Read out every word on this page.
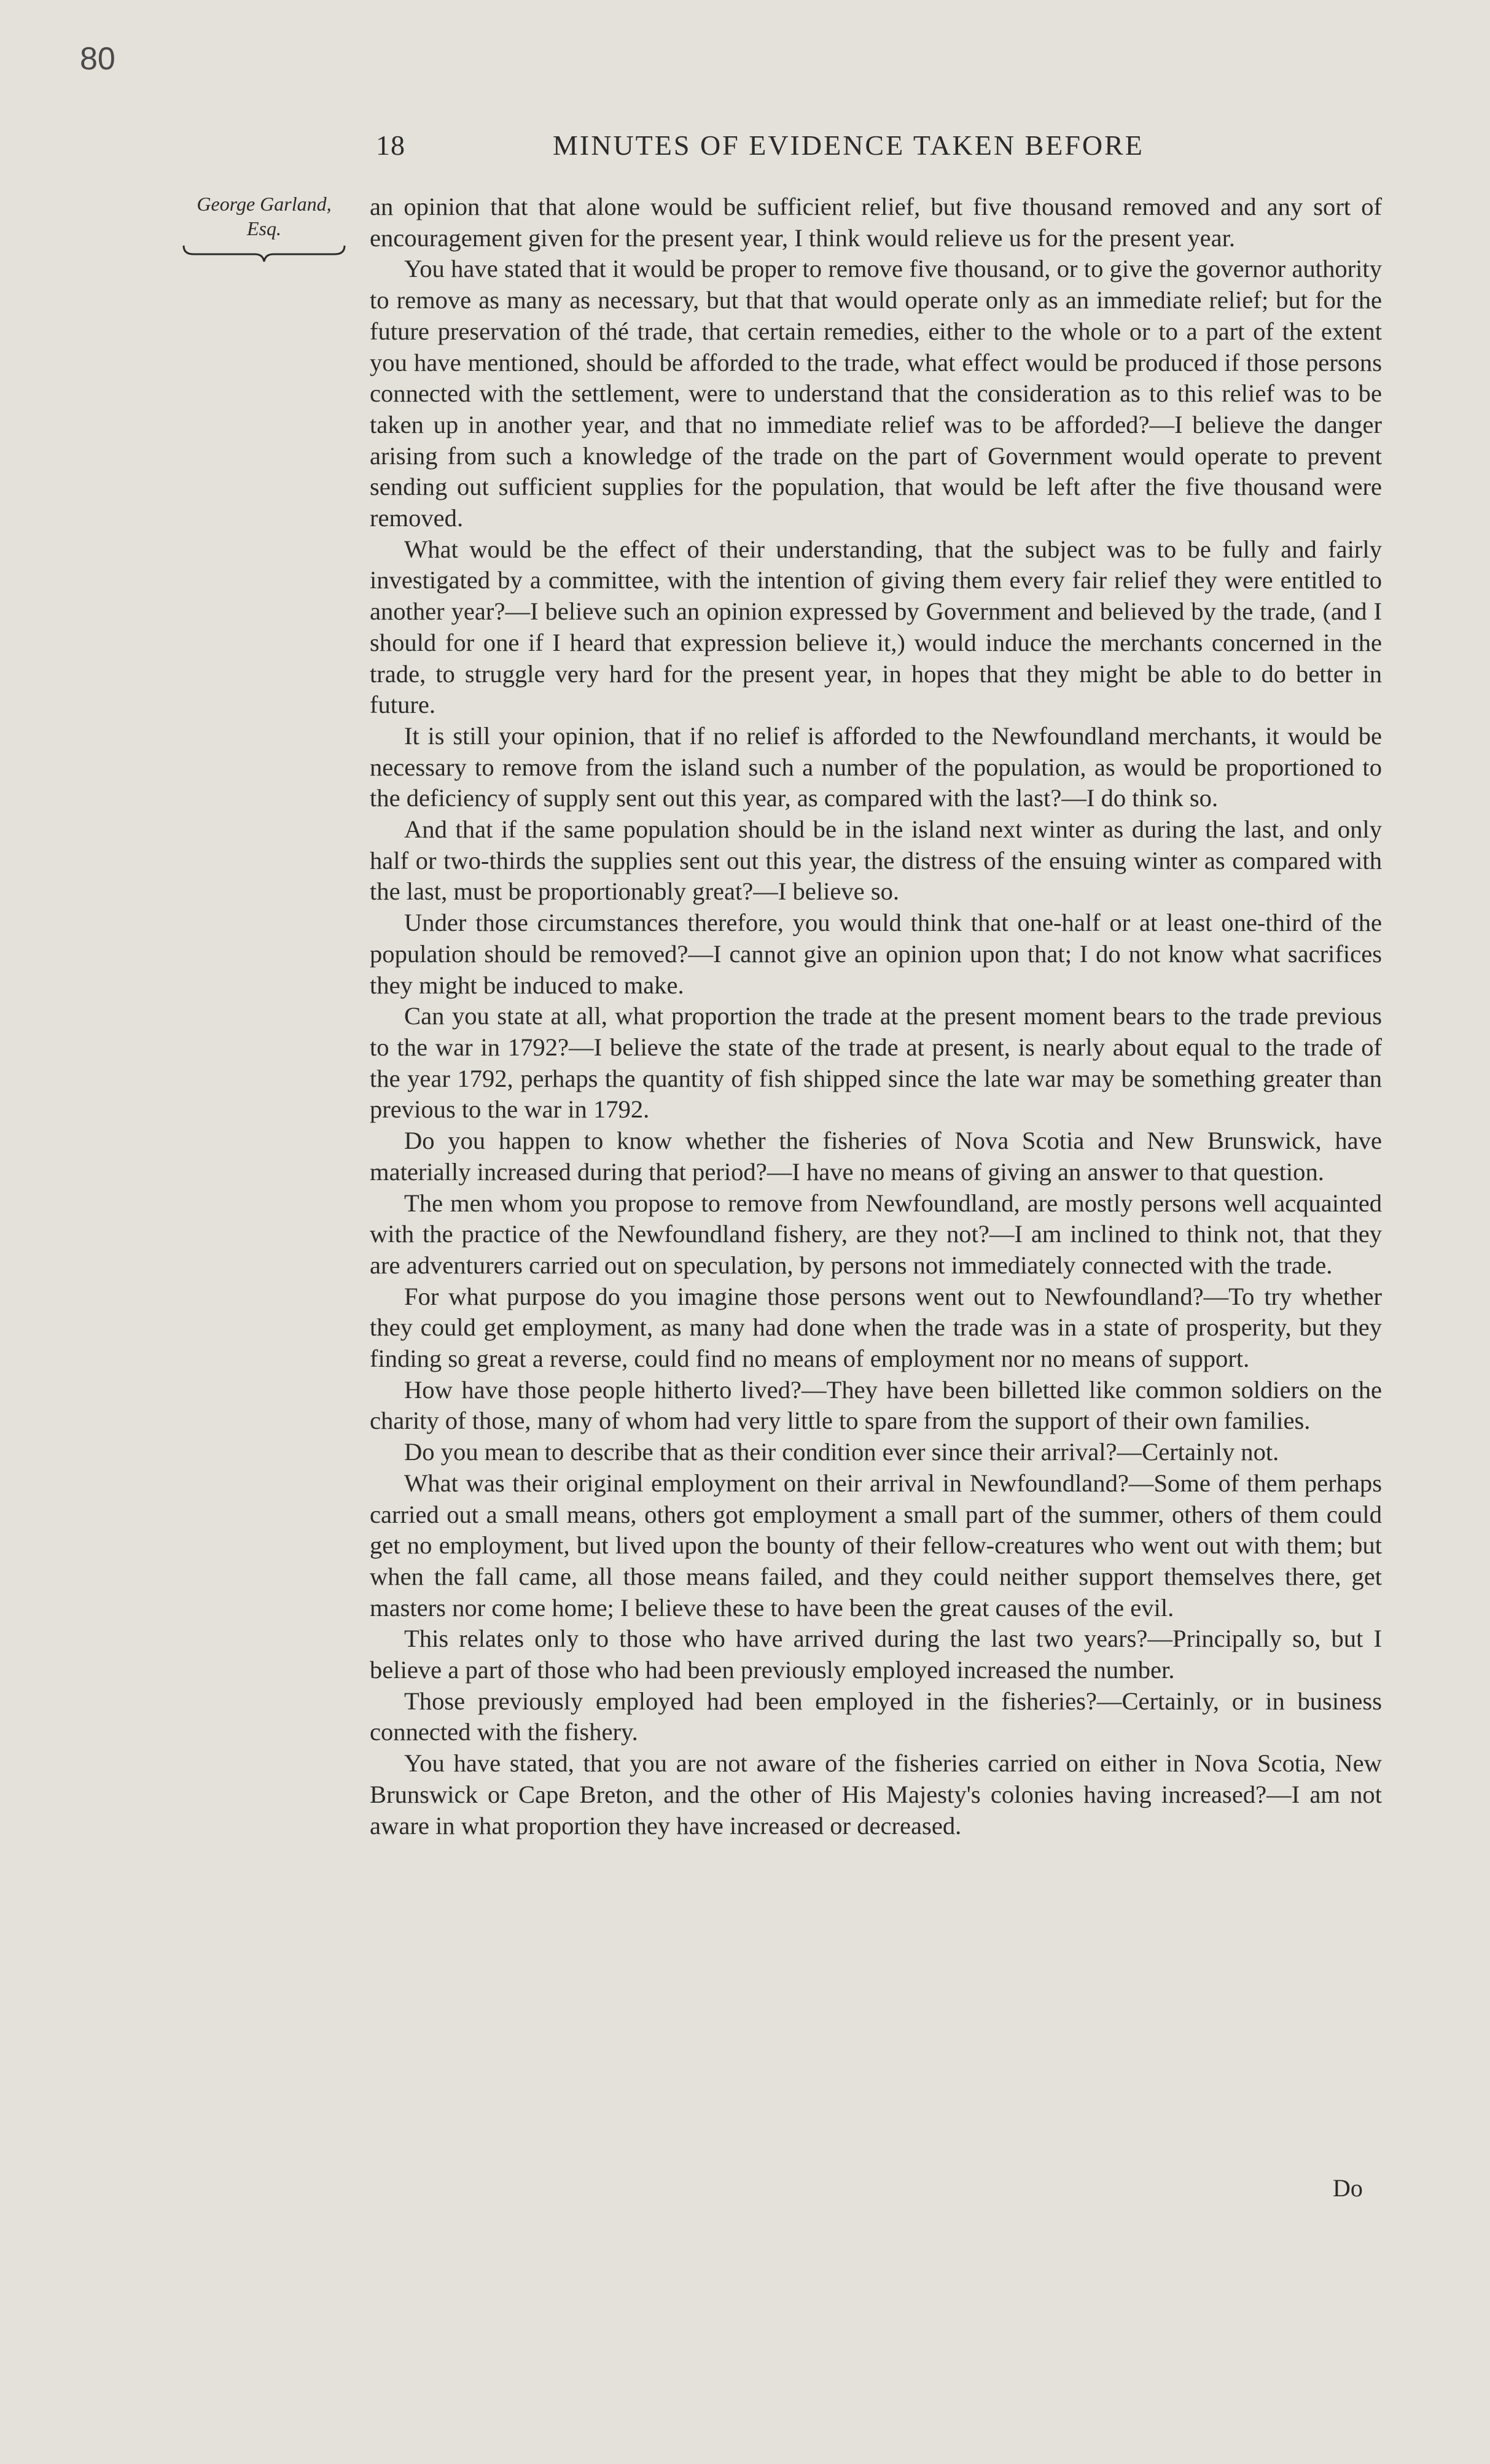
80
18	MINUTES OF EVIDENCE TAKEN BEFORE
George Garland,
Esq.

an opinion that that alone would be sufficient relief, but five thousand removed and any sort of encouragement given for the present year, I think would relieve us for the present year.

You have stated that it would be proper to remove five thousand, or to give the governor authority to remove as many as necessary, but that that would operate only as an immediate relief; but for the future preservation of thé trade, that certain remedies, either to the whole or to a part of the extent you have mentioned, should be afforded to the trade, what effect would be produced if those persons connected with the settlement, were to understand that the consideration as to this relief was to be taken up in another year, and that no immediate relief was to be afforded?—I believe the danger arising from such a knowledge of the trade on the part of Government would operate to prevent sending out sufficient supplies for the population, that would be left after the five thousand were removed.

What would be the effect of their understanding, that the subject was to be fully and fairly investigated by a committee, with the intention of giving them every fair relief they were entitled to another year?—I believe such an opinion expressed by Government and believed by the trade, (and I should for one if I heard that expression believe it,) would induce the merchants concerned in the trade, to struggle very hard for the present year, in hopes that they might be able to do better in future.

It is still your opinion, that if no relief is afforded to the Newfoundland merchants, it would be necessary to remove from the island such a number of the population, as would be proportioned to the deficiency of supply sent out this year, as compared with the last?—I do think so.

And that if the same population should be in the island next winter as during the last, and only half or two-thirds the supplies sent out this year, the distress of the ensuing winter as compared with the last, must be proportionably great?—I believe so.

Under those circumstances therefore, you would think that one-half or at least one-third of the population should be removed?—I cannot give an opinion upon that; I do not know what sacrifices they might be induced to make.

Can you state at all, what proportion the trade at the present moment bears to the trade previous to the war in 1792?—I believe the state of the trade at present, is nearly about equal to the trade of the year 1792, perhaps the quantity of fish shipped since the late war may be something greater than previous to the war in 1792.

Do you happen to know whether the fisheries of Nova Scotia and New Brunswick, have materially increased during that period?—I have no means of giving an answer to that question.

The men whom you propose to remove from Newfoundland, are mostly persons well acquainted with the practice of the Newfoundland fishery, are they not?—I am inclined to think not, that they are adventurers carried out on speculation, by persons not immediately connected with the trade.

For what purpose do you imagine those persons went out to Newfoundland?—To try whether they could get employment, as many had done when the trade was in a state of prosperity, but they finding so great a reverse, could find no means of employment nor no means of support.

How have those people hitherto lived?—They have been billetted like common soldiers on the charity of those, many of whom had very little to spare from the support of their own families.

Do you mean to describe that as their condition ever since their arrival?—Certainly not.

What was their original employment on their arrival in Newfoundland?—Some of them perhaps carried out a small means, others got employment a small part of the summer, others of them could get no employment, but lived upon the bounty of their fellow-creatures who went out with them; but when the fall came, all those means failed, and they could neither support themselves there, get masters nor come home; I believe these to have been the great causes of the evil.

This relates only to those who have arrived during the last two years?—Principally so, but I believe a part of those who had been previously employed increased the number.

Those previously employed had been employed in the fisheries?—Certainly, or in business connected with the fishery.

You have stated, that you are not aware of the fisheries carried on either in Nova Scotia, New Brunswick or Cape Breton, and the other of His Majesty's colonies having increased?—I am not aware in what proportion they have increased or decreased.

Do
